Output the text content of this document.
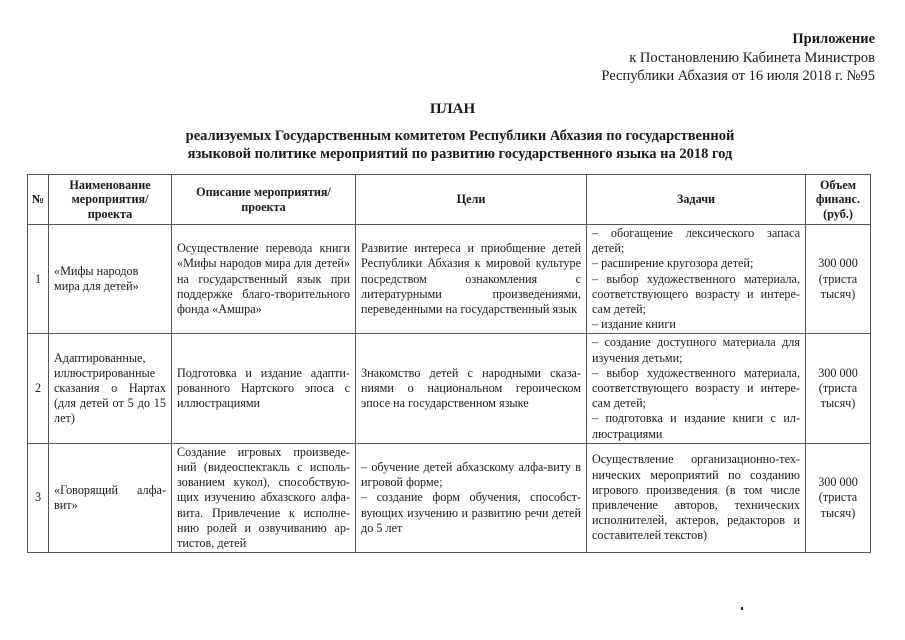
Приложение
к Постановлению Кабинета Министров
Республики Абхазия от 16 июля 2018 г. №95
ПЛАН
реализуемых Государственным комитетом Республики Абхазия по государственной
языковой политике мероприятий по развитию государственного языка на 2018 год
№	Наименование мероприятия/ проекта	Описание мероприятия/проекта	Цели	Задачи	Объем финанс. (руб.)
1	«Мифы народов мира для детей»	Осуществление перевода книги «Мифы народов мира для детей» на государственный язык при поддержке благо-творительного фонда «Амшра»	Развитие интереса и приобщение детей Республики Абхазия к мировой культуре посредством ознакомления с литературными произведениями, переведенными на государственный язык	– обогащение лексического запаса детей;
– расширение кругозора детей;
– выбор художественного материала, соответствующего возрасту и интере-сам детей;
– издание книги	300 000 (триста тысяч)
2	Адаптированные, иллюстрированные сказания о Нартах (для детей от 5 до 15 лет)	Подготовка и издание адапти-рованного Нартского эпоса с иллюстрациями	Знакомство детей с народными сказа-ниями о национальном героическом эпосе на государственном языке	– создание доступного материала для изучения детьми;
– выбор художественного материала, соответствующего возрасту и интере-сам детей;
– подготовка и издание книги с ил-люстрациями	300 000 (триста тысяч)
3	«Говорящий алфа-вит»	Создание игровых произведе-ний (видеоспектакль с исполь-зованием кукол), способствую-щих изучению абхазского алфа-вита. Привлечение к исполне-нию ролей и озвучиванию ар-тистов, детей	– обучение детей абхазскому алфа-виту в игровой форме;
– создание форм обучения, способст-вующих изучению и развитию речи детей до 5 лет	Осуществление организационно-тех-нических мероприятий по созданию игрового произведения (в том числе привлечение авторов, технических исполнителей, актеров, редакторов и составителей текстов)	300 000 (триста тысяч)
